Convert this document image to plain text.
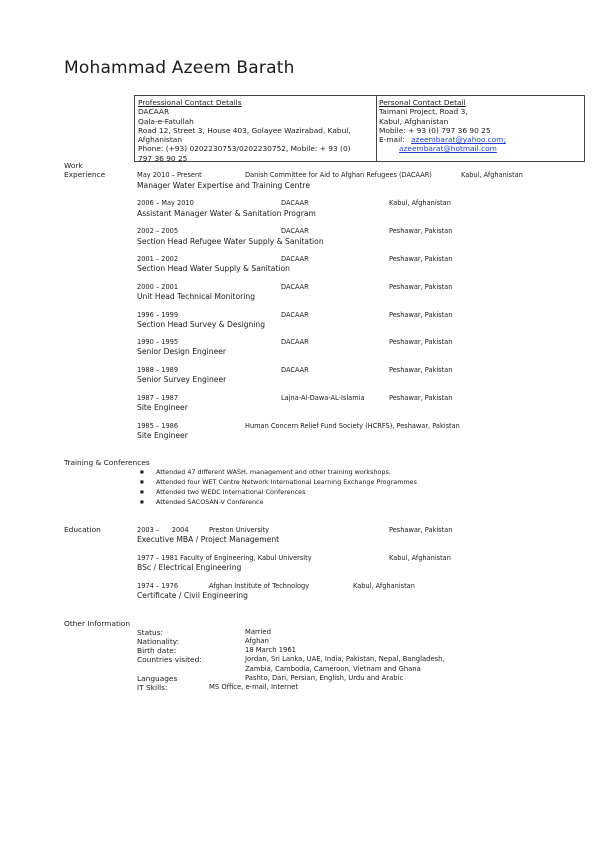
Mohammad Azeem Barath
Professional Contact Details
DACAAR
Qala-e-Fatullah
Road 12, Street 3, House 403, Golayee Wazirabad, Kabul,
Afghanistan
Phone: (+93) 0202230753/0202230752, Mobile: + 93 (0)
797 36 90 25
Personal Contact Detail
Taimani Project, Road 3,
Kabul, Afghanistan
Mobile: + 93 (0) 797 36 90 25
E-mail: azeembarat@yahoo.com;
azeembarat@hotmail.com
Work
Experience	May 2010 – Present	Danish Committee for Aid to Afghan Refugees (DACAAR)	Kabul, Afghanistan
Manager Water Expertise and Training Centre
2006 – May 2010	DACAAR	Kabul, Afghanistan
Assistant Manager Water & Sanitation Program
2002 – 2005	DACAAR	Peshawar, Pakistan
Section Head Refugee Water Supply & Sanitation
2001 – 2002	DACAAR	Peshawar, Pakistan
Section Head Water Supply & Sanitation
2000 – 2001	DACAAR	Peshawar, Pakistan
Unit Head Technical Monitoring
1996 – 1999	DACAAR	Peshawar, Pakistan
Section Head Survey & Designing
1990 – 1995	DACAAR	Peshawar, Pakistan
Senior Design Engineer
1988 – 1989	DACAAR	Peshawar, Pakistan
Senior Survey Engineer
1987 – 1987	Lajna-Al-Dawa-AL-Islamia	Peshawar, Pakistan
Site Engineer
1985 – 1986	Human Concern Relief Fund Society (HCRFS), Peshawar, Pakistan
Site Engineer
Training & Conferences
■ Attended 47 different WASH, management and other training workshops.
■ Attended four WET Centre Network International Learning Exchange Programmes
■ Attended two WEDC International Conferences
■ Attended SACOSAN-V Conference
Education	2003 –      2004	Preston University	Peshawar, Pakistan
Executive MBA / Project Management
1977 – 1981 Faculty of Engineering, Kabul University	Kabul, Afghanistan
BSc / Electrical Engineering
1974 – 1976	Afghan Institute of Technology	Kabul, Afghanistan
Certificate / Civil Engineering
Other Information
Status:	Married
Nationality:	Afghan
Birth date:	18 March 1961
Countries visited:	Jordan, Sri Lanka, UAE, India, Pakistan, Nepal, Bangladesh,
Zambia, Cambodia, Cameroon, Vietnam and Ghana
Languages	Pashto, Dari, Persian, English, Urdu and Arabic
IT Skills:	MS Office, e-mail, Internet
